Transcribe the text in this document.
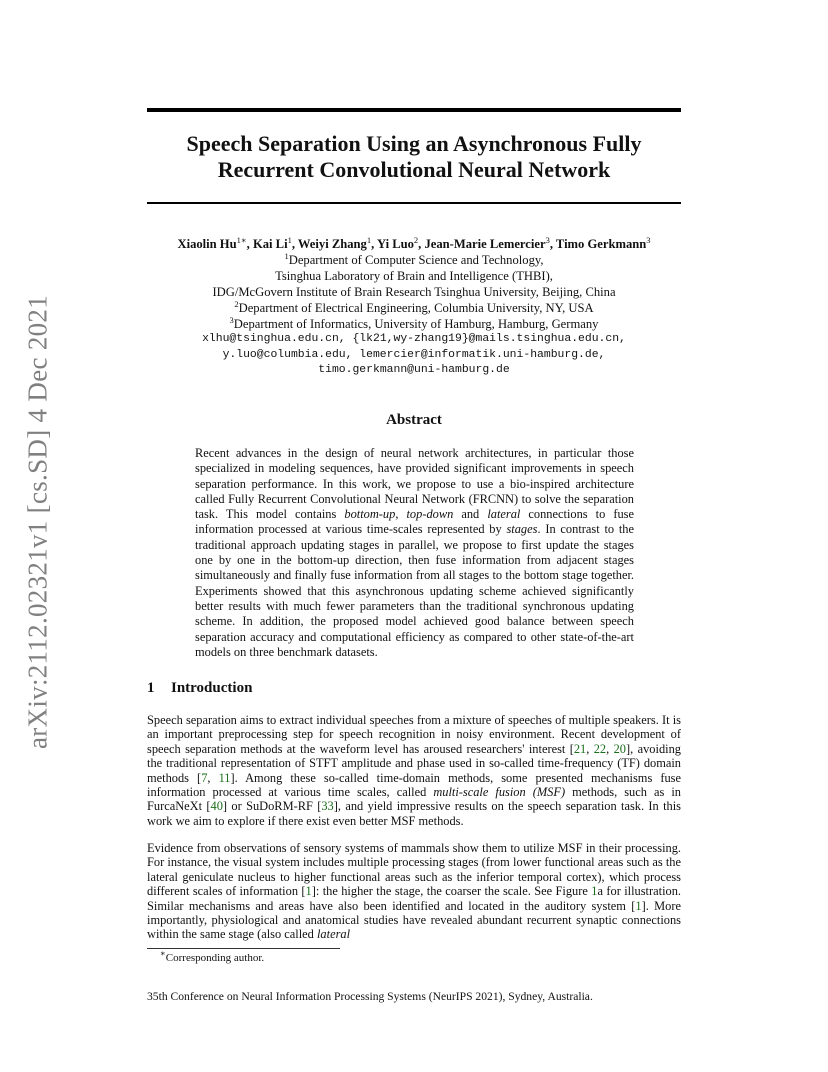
arXiv:2112.02321v1 [cs.SD] 4 Dec 2021
Speech Separation Using an Asynchronous Fully
Recurrent Convolutional Neural Network
Xiaolin $Hu^{1∗}$, Kai Li$^1$, Weiyi Zhang$^1$, Yi Luo$^2$, Jean-Marie Lemercier$^3$, Timo Gerkmann$^3$
$^1$Department of Computer Science and Technology,
Tsinghua Laboratory of Brain and Intelligence (THBI),
IDG/McGovern Institute of Brain Research Tsinghua University, Beijing, China
$^2$Department of Electrical Engineering, Columbia University, NY, USA
$^3$Department of Informatics, University of Hamburg, Hamburg, Germany
xlhu@tsinghua.edu.cn, {lk21,wy-zhang19}@mails.tsinghua.edu.cn,
y.luo@columbia.edu, lemercier@informatik.uni-hamburg.de,
timo.gerkmann@uni-hamburg.de
Abstract

Recent advances in the design of neural network architectures, in particular those specialized in modeling sequences, have provided significant improvements in speech separation performance. In this work, we propose to use a bio-inspired architecture called Fully Recurrent Convolutional Neural Network (FRCNN) to solve the separation task. This model contains bottom-up, top-down and lateral connections to fuse information processed at various time-scales represented by stages. In contrast to the traditional approach updating stages in parallel, we propose to first update the stages one by one in the bottom-up direction, then fuse information from adjacent stages simultaneously and finally fuse information from all stages to the bottom stage together. Experiments showed that this asynchronous updating scheme achieved significantly better results with much fewer parameters than the traditional synchronous updating scheme. In addition, the proposed model achieved good balance between speech separation accuracy and computational efficiency as compared to other state-of-the-art models on three benchmark datasets.

1 Introduction

Speech separation aims to extract individual speeches from a mixture of speeches of multiple speakers. It is an important preprocessing step for speech recognition in noisy environment. Recent development of speech separation methods at the waveform level has aroused researchers' interest [21, 22, 20], avoiding the traditional representation of STFT amplitude and phase used in so-called time-frequency (TF) domain methods [7, 11]. Among these so-called time-domain methods, some presented mechanisms fuse information processed at various time scales, called multi-scale fusion (MSF) methods, such as in FurcaNeXt [40] or SuDoRM-RF [33], and yield impressive results on the speech separation task. In this work we aim to explore if there exist even better MSF methods.

Evidence from observations of sensory systems of mammals show them to utilize MSF in their processing. For instance, the visual system includes multiple processing stages (from lower functional areas such as the lateral geniculate nucleus to higher functional areas such as the inferior temporal cortex), which process different scales of information [1]: the higher the stage, the coarser the scale. See Figure 1a for illustration. Similar mechanisms and areas have also been identified and located in the auditory system [1]. More importantly, physiological and anatomical studies have revealed abundant recurrent synaptic connections within the same stage (also called lateral

∗Corresponding author.

35th Conference on Neural Information Processing Systems (NeurIPS 2021), Sydney, Australia.
